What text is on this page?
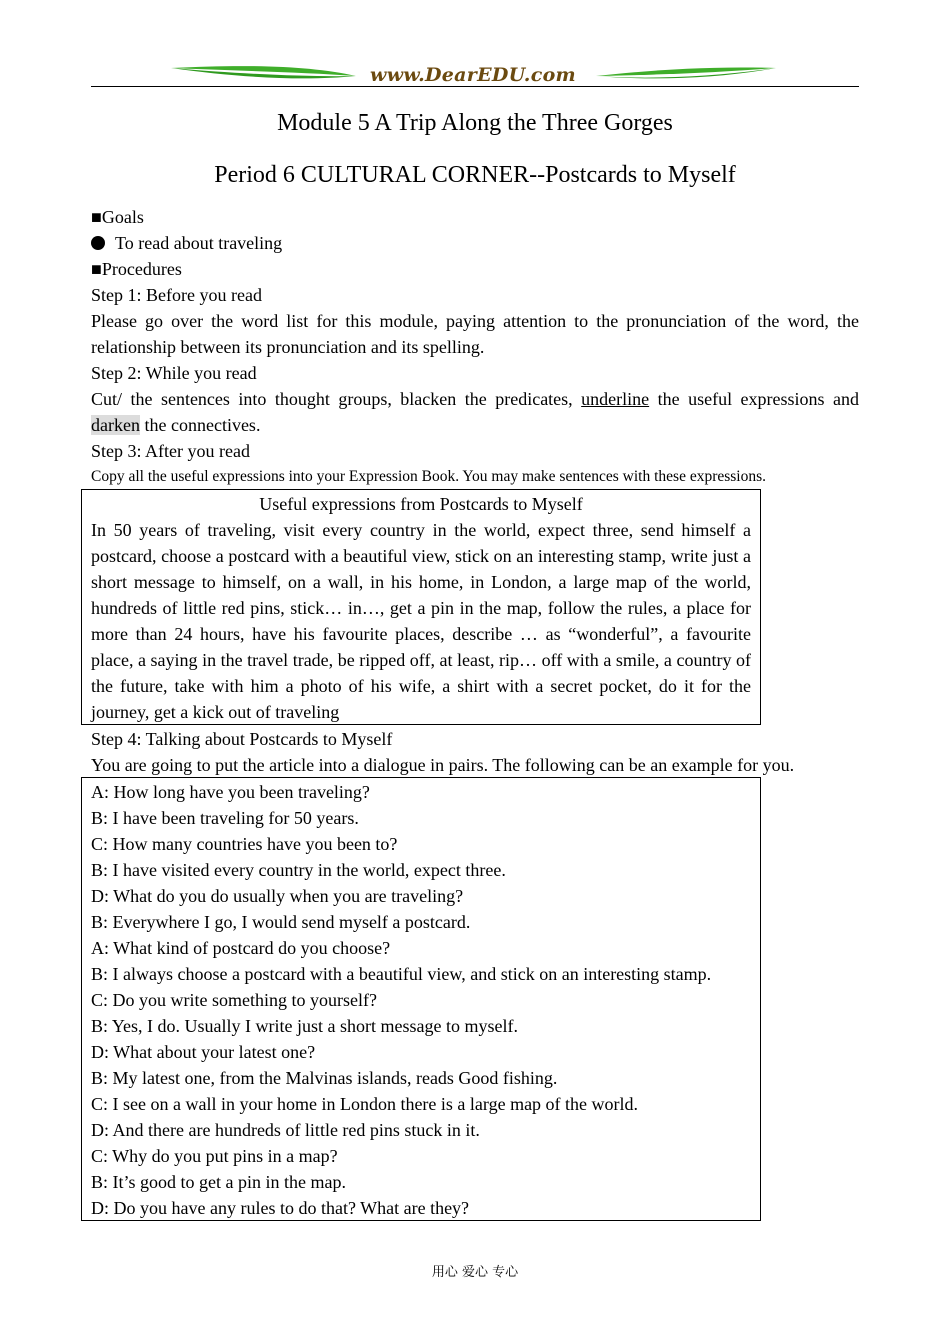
www.DearEDU.com
Module 5 A Trip Along the Three Gorges
Period 6 CULTURAL CORNER--Postcards to Myself
■Goals
To read about traveling
■Procedures
Step 1: Before you read
Please go over the word list for this module, paying attention to the pronunciation of the word, the relationship between its pronunciation and its spelling.
Step 2: While you read
Cut/ the sentences into thought groups, blacken the predicates, underline the useful expressions and darken the connectives.
Step 3: After you read
Copy all the useful expressions into your Expression Book. You may make sentences with these expressions.
Useful expressions from Postcards to Myself
In 50 years of traveling, visit every country in the world, expect three, send himself a postcard, choose a postcard with a beautiful view, stick on an interesting stamp, write just a short message to himself, on a wall, in his home, in London, a large map of the world, hundreds of little red pins, stick… in…, get a pin in the map, follow the rules, a place for more than 24 hours, have his favourite places, describe … as “wonderful”, a favourite place, a saying in the travel trade, be ripped off, at least, rip… off with a smile, a country of the future, take with him a photo of his wife, a shirt with a secret pocket, do it for the journey, get a kick out of traveling
Step 4: Talking about Postcards to Myself
You are going to put the article into a dialogue in pairs. The following can be an example for you.
A: How long have you been traveling?
B: I have been traveling for 50 years.
C: How many countries have you been to?
B: I have visited every country in the world, expect three.
D: What do you do usually when you are traveling?
B: Everywhere I go, I would send myself a postcard.
A: What kind of postcard do you choose?
B: I always choose a postcard with a beautiful view, and stick on an interesting stamp.
C: Do you write something to yourself?
B: Yes, I do. Usually I write just a short message to myself.
D: What about your latest one?
B: My latest one, from the Malvinas islands, reads Good fishing.
C: I see on a wall in your home in London there is a large map of the world.
D: And there are hundreds of little red pins stuck in it.
C: Why do you put pins in a map?
B: It’s good to get a pin in the map.
D: Do you have any rules to do that? What are they?
用心 爱心 专心
